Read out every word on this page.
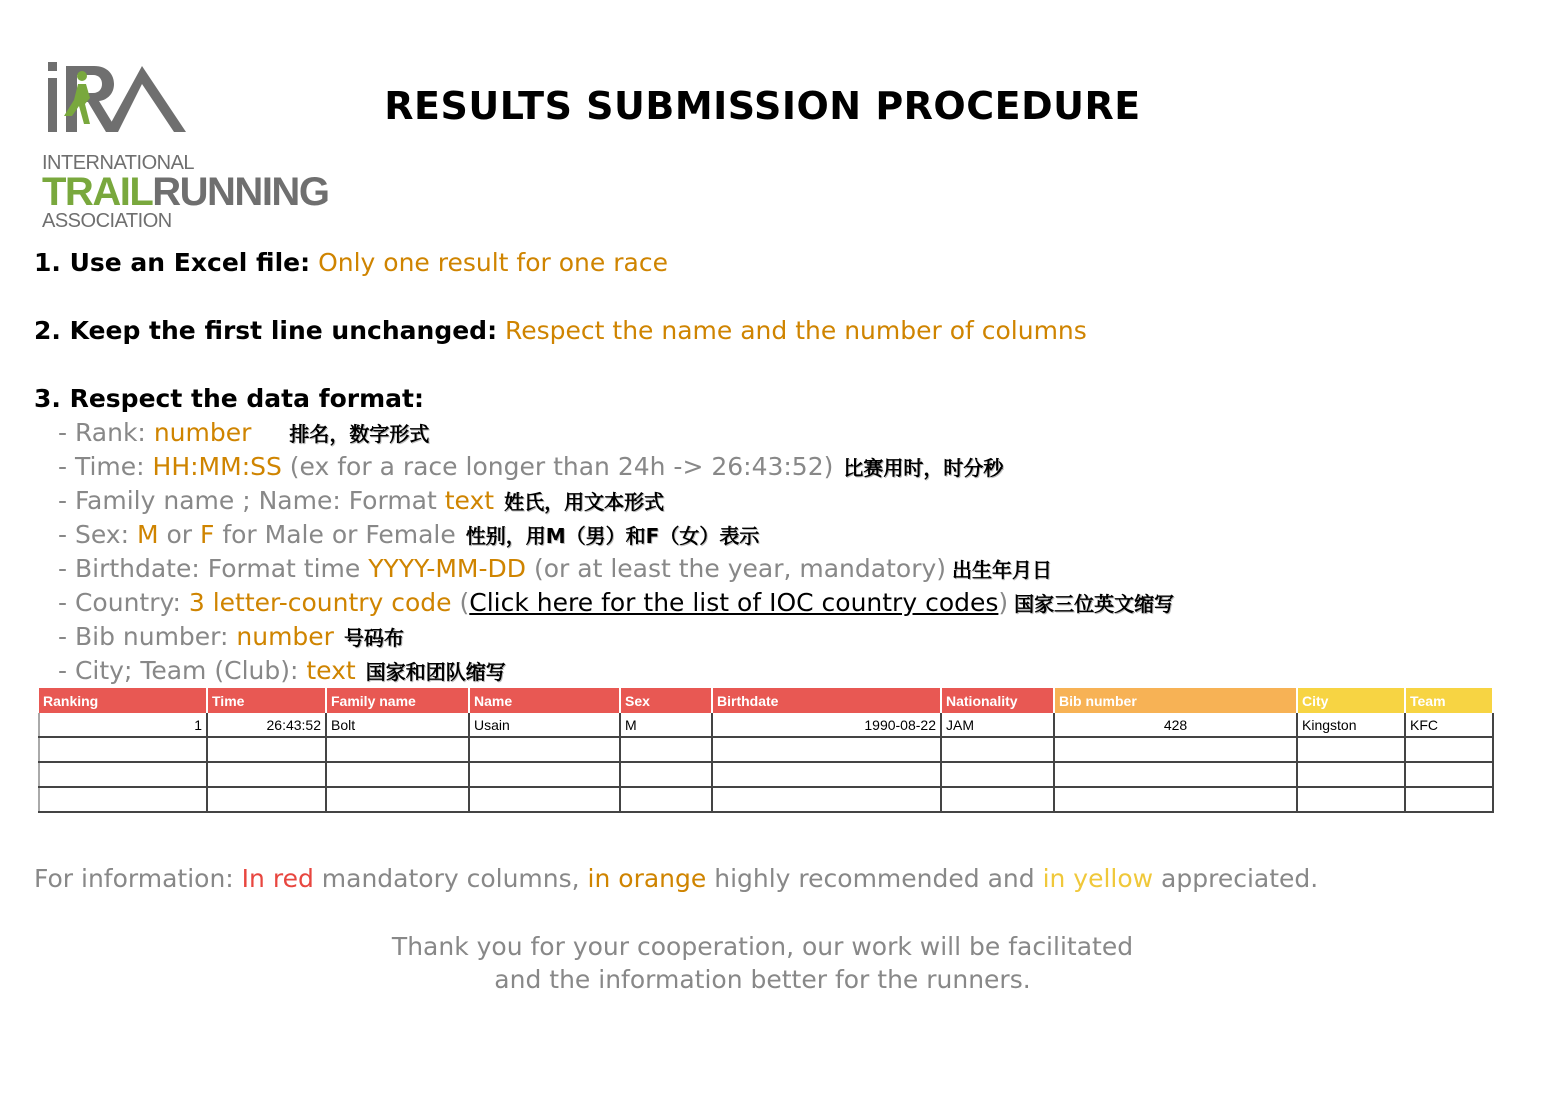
INTERNATIONAL
TRAILRUNNING
ASSOCIATION
RESULTS SUBMISSION PROCEDURE
1. Use an Excel file: Only one result for one race
2. Keep the first line unchanged: Respect the name and the number of columns
3. Respect the data format:
- Rank: number 排名，数字形式
- Time: HH:MM:SS (ex for a race longer than 24h -> 26:43:52) 比赛用时，时分秒
- Family name ; Name: Format text 姓氏，用文本形式
- Sex: M or F for Male or Female 性别，用M（男）和F（女）表示
- Birthdate: Format time YYYY-MM-DD (or at least the year, mandatory) 出生年月日
- Country: 3 letter-country code (Click here for the list of IOC country codes) 国家三位英文缩写
- Bib number: number 号码布
- City; Team (Club): text 国家和团队缩写
Ranking	Time	Family name	Name	Sex	Birthdate	Nationality	Bib number	City	Team
1	26:43:52	Bolt	Usain	M	1990-08-22	JAM	428	Kingston	KFC

For information: In red mandatory columns, in orange highly recommended and in yellow appreciated.
Thank you for your cooperation, our work will be facilitated
and the information better for the runners.
